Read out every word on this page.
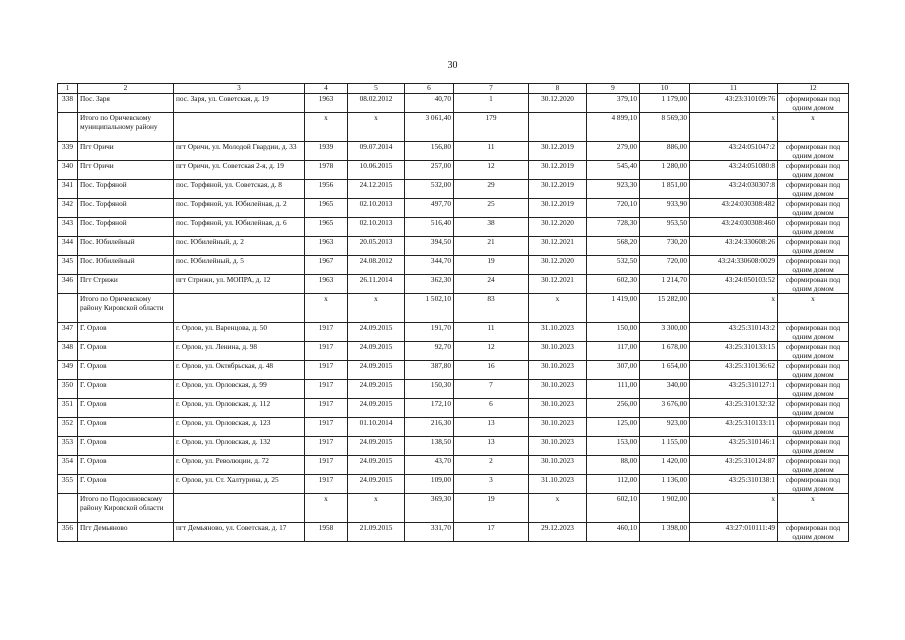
30
1	2	3	4	5	6	7	8	9	10	11	12
338	Пос. Заря	пос. Заря, ул. Советская, д. 19	1963	08.02.2012	40,70	1	30.12.2020	379,10	1 179,00	43:23:310109:76	сформирован под одним домом
	Итого по Оричевскому муниципальному району		x	x	3 061,40	179		4 899,10	8 569,30	x	x
339	Пгт Оричи	пгт Оричи, ул. Молодой Гвардии, д. 33	1939	09.07.2014	156,80	11	30.12.2019	279,00	886,00	43:24:051047:2	сформирован под одним домом
340	Пгт Оричи	пгт Оричи, ул. Советская 2-я, д. 19	1978	10.06.2015	257,00	12	30.12.2019	545,40	1 280,00	43:24:051080:8	сформирован под одним домом
341	Пос. Торфяной	пос. Торфяной, ул. Советская, д. 8	1956	24.12.2015	532,00	29	30.12.2019	923,30	1 851,00	43:24:030307:8	сформирован под одним домом
342	Пос. Торфяной	пос. Торфяной, ул. Юбилейная, д. 2	1965	02.10.2013	497,70	25	30.12.2019	720,10	933,90	43:24:030308:482	сформирован под одним домом
343	Пос. Торфяной	пос. Торфяной, ул. Юбилейная, д. 6	1965	02.10.2013	516,40	38	30.12.2020	728,30	953,50	43:24:030308:460	сформирован под одним домом
344	Пос. Юбилейный	пос. Юбилейный, д. 2	1963	20.05.2013	394,50	21	30.12.2021	568,20	730,20	43:24:330608:26	сформирован под одним домом
345	Пос. Юбилейный	пос. Юбилейный, д. 5	1967	24.08.2012	344,70	19	30.12.2020	532,50	720,00	43:24:330608:0029	сформирован под одним домом
346	Пгт Стрижи	пгт Стрижи, ул. МОПРА, д. 12	1963	26.11.2014	362,30	24	30.12.2021	602,30	1 214,70	43:24:050103:52	сформирован под одним домом
	Итого по Оричевскому району Кировской области		x	x	1 502,10	83	x	1 419,00	15 282,00	x	x
347	Г. Орлов	г. Орлов, ул. Варенцова, д. 50	1917	24.09.2015	191,70	11	31.10.2023	150,00	3 300,00	43:25:310143:2	сформирован под одним домом
348	Г. Орлов	г. Орлов, ул. Ленина, д. 98	1917	24.09.2015	92,70	12	30.10.2023	117,00	1 678,00	43:25:310133:15	сформирован под одним домом
349	Г. Орлов	г. Орлов, ул. Октябрьская, д. 48	1917	24.09.2015	387,80	16	30.10.2023	307,00	1 654,00	43:25:310136:62	сформирован под одним домом
350	Г. Орлов	г. Орлов, ул. Орловская, д. 99	1917	24.09.2015	150,30	7	30.10.2023	111,00	340,00	43:25:310127:1	сформирован под одним домом
351	Г. Орлов	г. Орлов, ул. Орловская, д. 112	1917	24.09.2015	172,10	6	30.10.2023	256,00	3 676,00	43:25:310132:32	сформирован под одним домом
352	Г. Орлов	г. Орлов, ул. Орловская, д. 123	1917	01.10.2014	216,30	13	30.10.2023	125,00	923,00	43:25:310133:11	сформирован под одним домом
353	Г. Орлов	г. Орлов, ул. Орловская, д. 132	1917	24.09.2015	138,50	13	30.10.2023	153,00	1 155,00	43:25:310146:1	сформирован под одним домом
354	Г. Орлов	г. Орлов, ул. Революции, д. 72	1917	24.09.2015	43,70	2	30.10.2023	88,00	1 420,00	43:25:310124:87	сформирован под одним домом
355	Г. Орлов	г. Орлов, ул. Ст. Халтурина, д. 25	1917	24.09.2015	109,00	3	31.10.2023	112,00	1 136,00	43:25:310138:1	сформирован под одним домом
	Итого по Подосиновскому району Кировской области		x	x	369,30	19	x	602,10	1 902,00	x	x
356	Пгт Демьяново	пгт Демьяново, ул. Советская, д. 17	1958	21.09.2015	331,70	17	29.12.2023	460,10	1 398,00	43:27:010111:49	сформирован под одним домом
